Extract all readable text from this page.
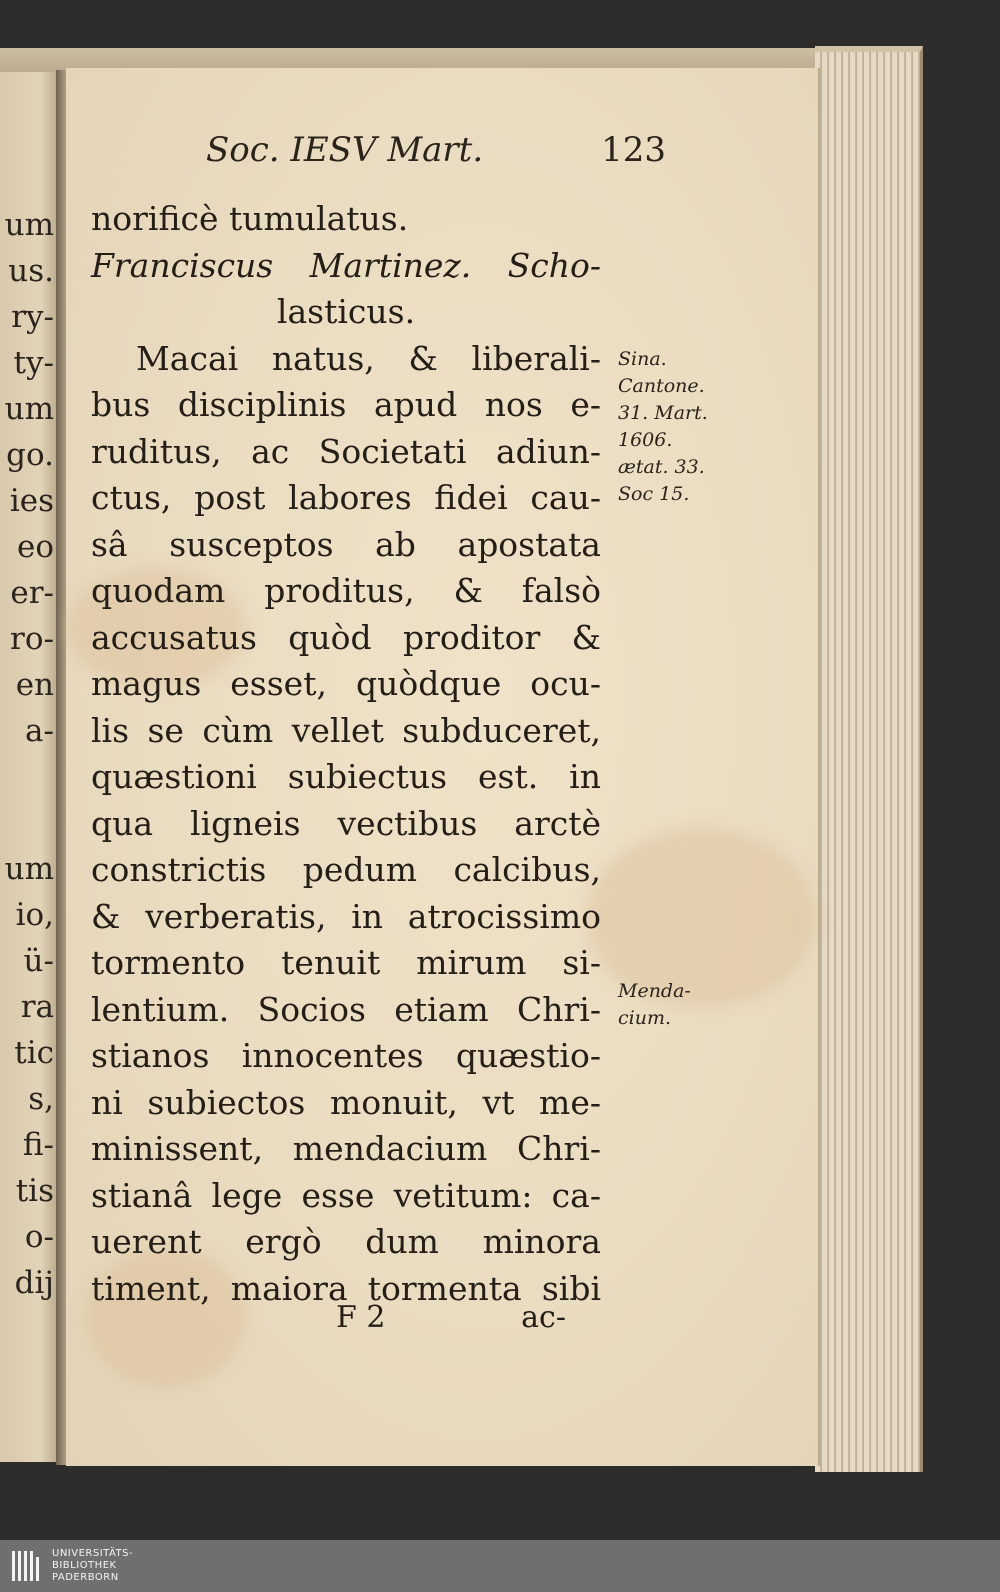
um
us.
ry-
ty-
um
go.
ies
eo
er-
ro-
en
a-
um
io,
ü-
ra
tic
s,
fi-
tis
o-
dij
Soc. IESV Mart.	123
norificè tumulatus.
Franciscus Martinez. Scho-
lasticus.
Macai natus, & liberali-
bus disciplinis apud nos e-
ruditus, ac Societati adiun-
ctus, post labores fidei cau-
sâ susceptos ab apostata
quodam proditus, & falsò
accusatus quòd proditor &
magus esset, quòdque ocu-
lis se cùm vellet subduceret,
quæstioni subiectus est. in
qua ligneis vectibus arctè
constrictis pedum calcibus,
& verberatis, in atrocissimo
tormento tenuit mirum si-
lentium. Socios etiam Chri-
stianos innocentes quæstio-
ni subiectos monuit, vt me-
minissent, mendacium Chri-
stianâ lege esse vetitum: ca-
uerent ergò dum minora
timent, maiora tormenta sibi
Sina.
Cantone.
31. Mart.
1606.
ætat. 33.
Soc 15.
Menda-
cium.
F 2	ac-
UNIVERSITÄTS-
BIBLIOTHEK
PADERBORN
